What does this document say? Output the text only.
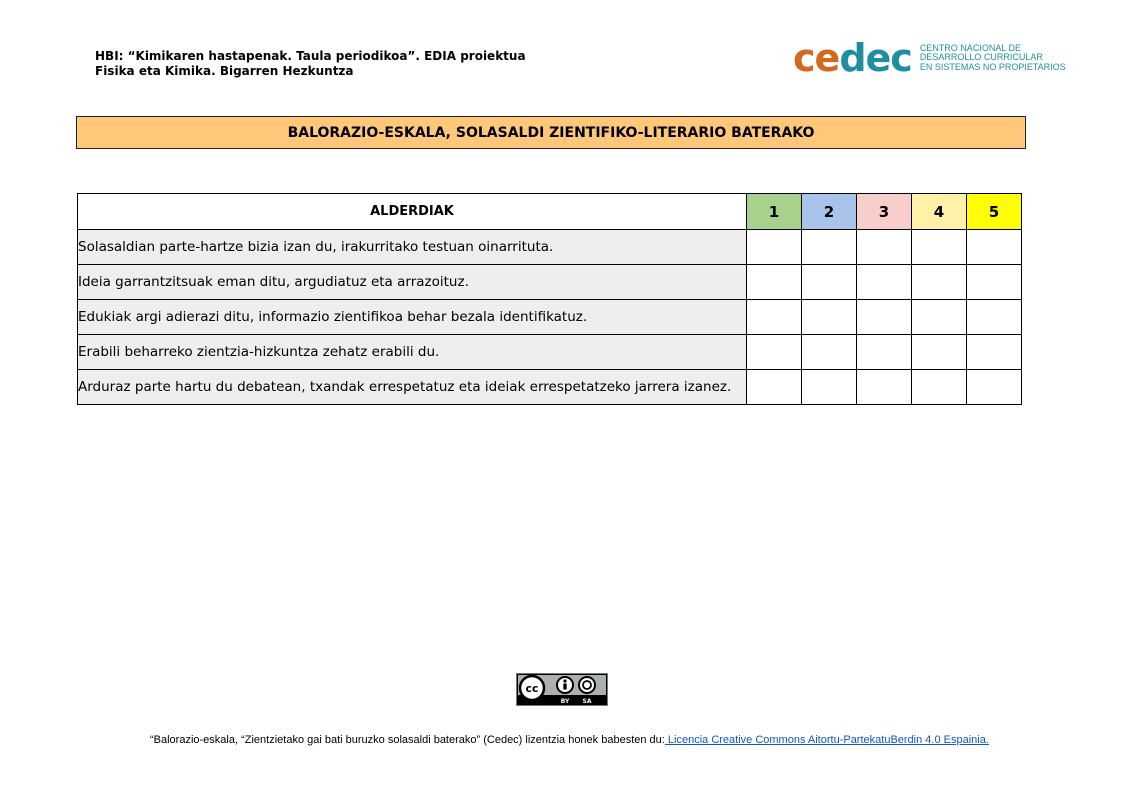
HBI: “Kimikaren hastapenak. Taula periodikoa”. EDIA proiektua
Fisika eta Kimika. Bigarren Hezkuntza	cedec CENTRO NACIONAL DE
DESARROLLO CURRICULAR
EN SISTEMAS NO PROPIETARIOS
BALORAZIO-ESKALA, SOLASALDI ZIENTIFIKO-LITERARIO BATERAKO
ALDERDIAK	1	2	3	4	5
Solasaldian parte-hartze bizia izan du, irakurritako testuan oinarrituta.					
Ideia garrantzitsuak eman ditu, argudiatuz eta arrazoituz.					
Edukiak argi adierazi ditu, informazio zientifikoa behar bezala identifikatuz.					
Erabili beharreko zientzia-hizkuntza zehatz erabili du.					
Arduraz parte hartu du debatean, txandak errespetatuz eta ideiak errespetatzeko jarrera izanez.					
cc
BY SA
“Balorazio-eskala, “Zientzietako gai bati buruzko solasaldi baterako” (Cedec) lizentzia honek babesten du: Licencia Creative Commons Aitortu-PartekatuBerdin 4.0 Espainia.
